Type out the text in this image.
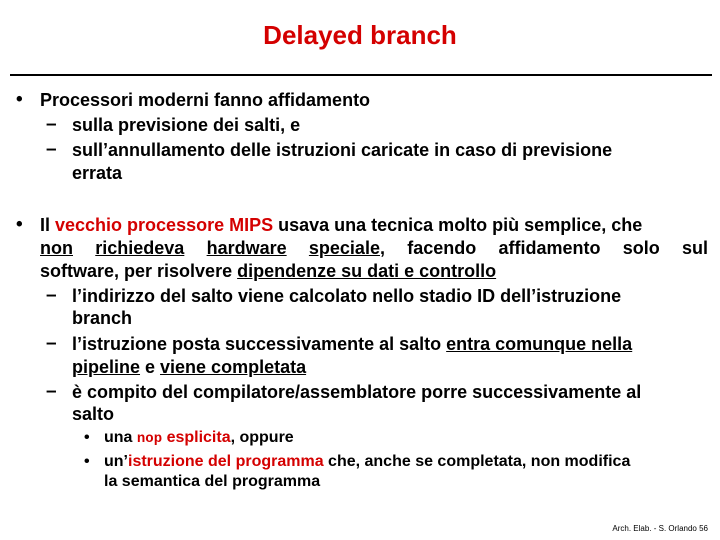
Delayed branch
• Processori moderni fanno affidamento
– sulla previsione dei salti, e
– sull’annullamento delle istruzioni caricate in caso di previsione
errata
• Il vecchio processore MIPS usava una tecnica molto più semplice, che
non richiedeva hardware speciale, facendo affidamento solo sul
software, per risolvere dipendenze su dati e controllo
– l’indirizzo del salto viene calcolato nello stadio ID dell’istruzione
branch
– l’istruzione posta successivamente al salto entra comunque nella
pipeline e viene completata
– è compito del compilatore/assemblatore porre successivamente al
salto
• una nop esplicita, oppure
• un’istruzione del programma che, anche se completata, non modifica
la semantica del programma
Arch. Elab. - S. Orlando 56
